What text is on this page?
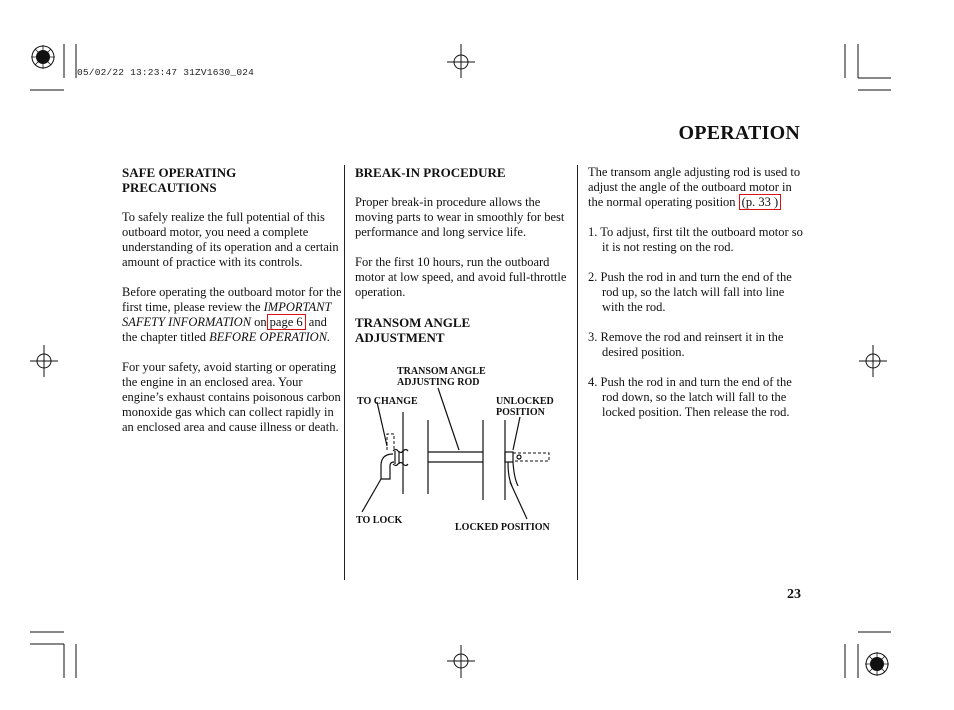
05/02/22 13:23:47 31ZV1630_024
OPERATION
SAFE OPERATING
PRECAUTIONS

To safely realize the full potential of this outboard motor, you need a complete understanding of its operation and a certain amount of practice with its controls.

Before operating the outboard motor for the first time, please review the IMPORTANT SAFETY INFORMATION on page 6 and the chapter titled BEFORE OPERATION.

For your safety, avoid starting or operating the engine in an enclosed area. Your engine’s exhaust contains poisonous carbon monoxide gas which can collect rapidly in an enclosed area and cause illness or death.

BREAK-IN PROCEDURE

Proper break-in procedure allows the moving parts to wear in smoothly for best performance and long service life.

For the first 10 hours, run the outboard motor at low speed, and avoid full-throttle operation.

TRANSOM ANGLE
ADJUSTMENT
TRANSOM ANGLE
ADJUSTING ROD
TO CHANGE	UNLOCKED
POSITION
TO LOCK
LOCKED POSITION

The transom angle adjusting rod is used to adjust the angle of the outboard motor in the normal operating position (p. 33 )

1. To adjust, first tilt the outboard motor so it is not resting on the rod.
2. Push the rod in and turn the end of the rod up, so the latch will fall into line with the rod.
3. Remove the rod and reinsert it in the desired position.
4. Push the rod in and turn the end of the rod down, so the latch will fall to the locked position. Then release the rod.
23
